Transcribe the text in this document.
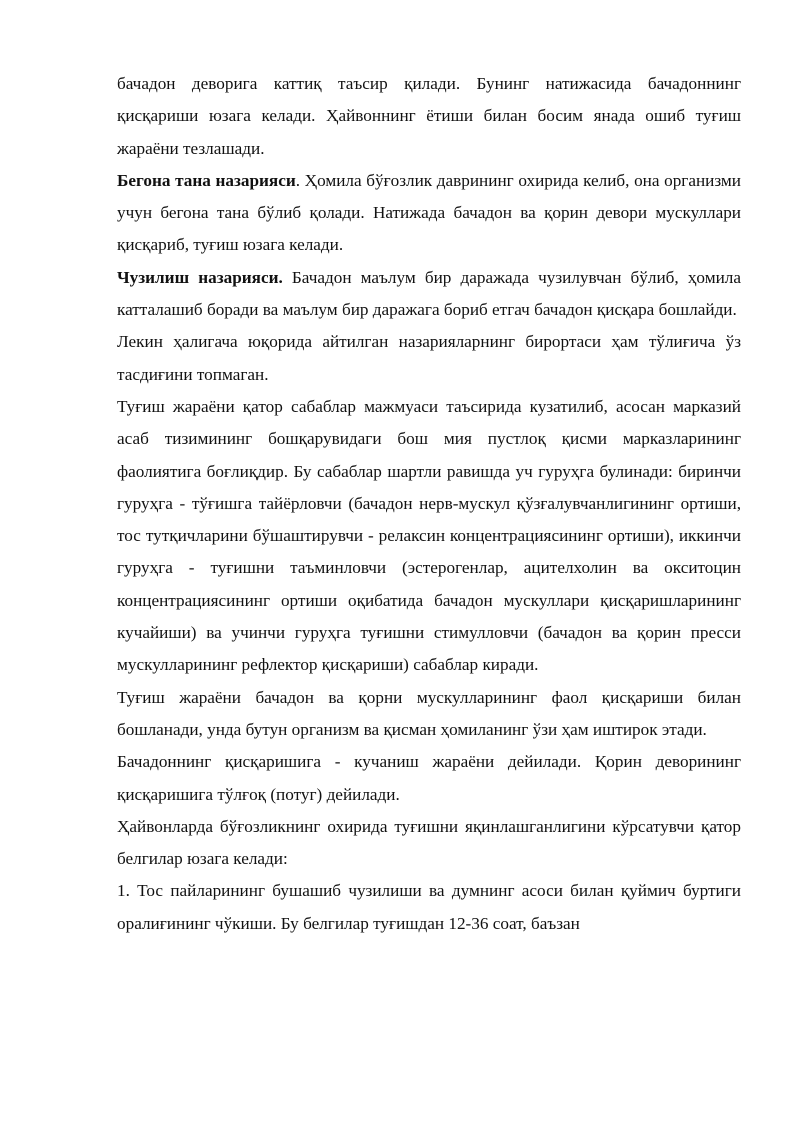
бачадон деворига каттиқ таъсир қилади. Бунинг натижасида бачадоннинг қисқариши юзага келади. Ҳайвоннинг ётиши билан босим янада ошиб туғиш жараёни тезлашади.

Бегона тана назарияси. Ҳомила бўғозлик даврининг охирида келиб, она организми учун бегона тана бўлиб қолади. Натижада бачадон ва қорин девори мускуллари қисқариб, туғиш юзага келади.

Чузилиш назарияси. Бачадон маълум бир даражада чузилувчан бўлиб, ҳомила катталашиб боради ва маълум бир даражага бориб етгач бачадон қисқара бошлайди.

Лекин ҳалигача юқорида айтилган назарияларнинг бирортаси ҳам тўлиғича ўз тасдиғини топмаган.

Туғиш жараёни қатор сабаблар мажмуаси таъсирида кузатилиб, асосан марказий асаб тизимининг бошқарувидаги бош мия пустлоқ қисми марказларининг фаолиятига боғлиқдир. Бу сабаблар шартли равишда уч гуруҳга булинади: биринчи гуруҳга - тўғишга тайёрловчи (бачадон нерв-мускул қўзғалувчанлигининг ортиши, тос тутқичларини бўшаштирувчи - релаксин концентрациясининг ортиши), иккинчи гуруҳга - туғишни таъминловчи (эстерогенлар, ацителхолин ва окситоцин концентрациясининг ортиши оқибатида бачадон мускуллари қисқаришларининг кучайиши) ва учинчи гуруҳга туғишни стимулловчи (бачадон ва қорин пресси мускулларининг рефлектор қисқариши) сабаблар киради.

Туғиш жараёни бачадон ва қорни мускулларининг фаол қисқариши билан бошланади, унда бутун организм ва қисман ҳомиланинг ўзи ҳам иштирок этади.

Бачадоннинг қисқаришига - кучаниш жараёни дейилади. Қорин деворининг қисқаришига тўлғоқ (потуг) дейилади.

Ҳайвонларда бўғозликнинг охирида туғишни яқинлашганлигини кўрсатувчи қатор белгилар юзага келади:

1. Тос пайларининг бушашиб чузилиши ва думнинг асоси билан қуймич буртиги оралиғининг чўкиши. Бу белгилар туғишдан 12-36 соат, баъзан
